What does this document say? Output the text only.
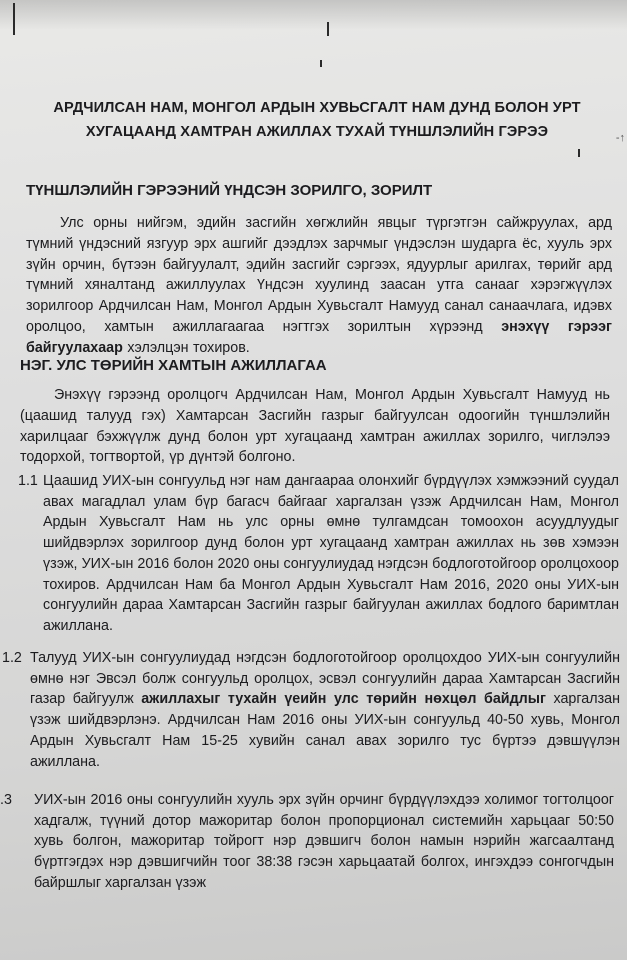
-↑
АРДЧИЛСАН НАМ, МОНГОЛ АРДЫН ХУВЬСГАЛТ НАМ ДУНД БОЛОН УРТ ХУГАЦААНД ХАМТРАН АЖИЛЛАХ ТУХАЙ ТҮНШЛЭЛИЙН ГЭРЭЭ
ТҮНШЛЭЛИЙН ГЭРЭЭНИЙ ҮНДСЭН ЗОРИЛГО, ЗОРИЛТ
Улс орны нийгэм, эдийн засгийн хөгжлийн явцыг түргэтгэн сайжруулах, ард түмний үндэсний язгуур эрх ашгийг дээдлэх зарчмыг үндэслэн шударга ёс, хууль эрх зүйн орчин, бүтээн байгуулалт, эдийн засгийг сэргээх, ядуурлыг арилгах, төрийг ард түмний хяналтанд ажиллуулах Үндсэн хуулинд заасан утга санааг хэрэгжүүлэх зорилгоор Ардчилсан Нам, Монгол Ардын Хувьсгалт Намууд санал санаачлага, идэвх оролцоо, хамтын ажиллагаагаа нэгтгэх зорилтын хүрээнд энэхүү гэрээг байгуулахаар хэлэлцэн тохиров.
НЭГ. УЛС ТӨРИЙН ХАМТЫН АЖИЛЛАГАА
Энэхүү гэрээнд оролцогч Ардчилсан Нам, Монгол Ардын Хувьсгалт Намууд нь (цаашид талууд гэх) Хамтарсан Засгийн газрыг байгуулсан одоогийн түншлэлийн харилцааг бэхжүүлж дунд болон урт хугацаанд хамтран ажиллах зорилго, чиглэлээ тодорхой, тогтвортой, үр дүнтэй болгоно.
1.1 Цаашид УИХ-ын сонгуульд нэг нам дангаараа олонхийг бүрдүүлэх хэмжээний суудал авах магадлал улам бүр багасч байгааг харгалзан үзэж Ардчилсан Нам, Монгол Ардын Хувьсгалт Нам нь улс орны өмнө тулгамдсан томоохон асуудлуудыг шийдвэрлэх зорилгоор дунд болон урт хугацаанд хамтран ажиллах нь зөв хэмээн үзэж, УИХ-ын 2016 болон 2020 оны сонгуулиудад нэгдсэн бодлоготойгоор оролцохоор тохиров. Ардчилсан Нам ба Монгол Ардын Хувьсгалт Нам 2016, 2020 оны УИХ-ын сонгуулийн дараа Хамтарсан Засгийн газрыг байгуулан ажиллах бодлого баримтлан ажиллана.
1.2 Талууд УИХ-ын сонгуулиудад нэгдсэн бодлоготойгоор оролцохдоо УИХ-ын сонгуулийн өмнө нэг Эвсэл болж сонгуульд оролцох, эсвэл сонгуулийн дараа Хамтарсан Засгийн газар байгуулж ажиллахыг тухайн үеийн улс төрийн нөхцөл байдлыг харгалзан үзэж шийдвэрлэнэ. Ардчилсан Нам 2016 оны УИХ-ын сонгуульд 40-50 хувь, Монгол Ардын Хувьсгалт Нам 15-25 хувийн санал авах зорилго тус бүртээ дэвшүүлэн ажиллана.
.3 УИХ-ын 2016 оны сонгуулийн хууль эрх зүйн орчинг бүрдүүлэхдээ холимог тогтолцоог хадгалж, түүний дотор мажоритар болон пропорционал системийн харьцааг 50:50 хувь болгон, мажоритар тойрогт нэр дэвшигч болон намын нэрийн жагсаалтанд бүртгэгдэх нэр дэвшигчийн тоог 38:38 гэсэн харьцаатай болгох, ингэхдээ сонгогчдын байршлыг харгалзан үзэж
